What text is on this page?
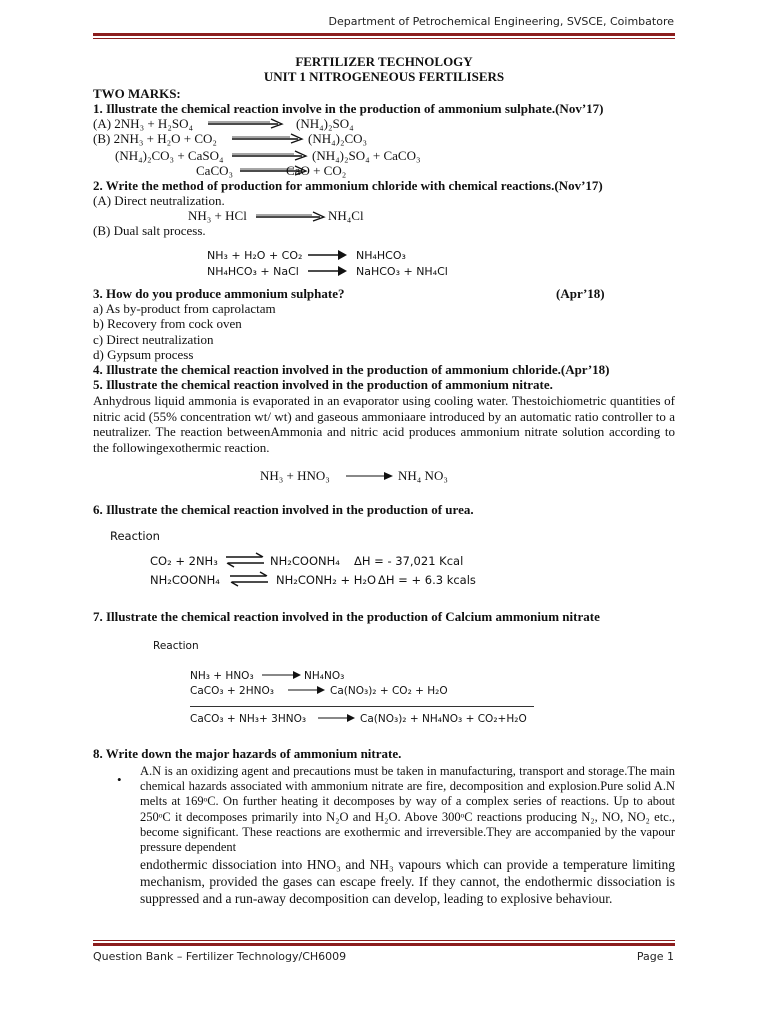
Department of Petrochemical Engineering, SVSCE, Coimbatore
FERTILIZER TECHNOLOGY
UNIT 1 NITROGENEOUS FERTILISERS
TWO MARKS:
1. Illustrate the chemical reaction involve in the production of ammonium sulphate.(Nov’17)
(A) 2NH₃ + H₂SO₄	(NH₄)₂SO₄
(B) 2NH₃ + H₂O + CO₂	(NH₄)₂CO₃
(NH₄)₂CO₃ + CaSO₄	(NH₄)₂SO₄ + CaCO₃
CaCO₃	CaO + CO₂
2. Write the method of production for ammonium chloride with chemical reactions.(Nov’17)
(A) Direct neutralization.
NH₃ + HCl	NH₄Cl
(B) Dual salt process.
NH₃ + H₂O + CO₂	NH₄HCO₃
NH₄HCO₃ + NaCl	NaHCO₃ + NH₄Cl
3. How do you produce ammonium sulphate?	(Apr’18)
a) As by-product from caprolactam
b) Recovery from cock oven
c) Direct neutralization
d) Gypsum process
4. Illustrate the chemical reaction involved in the production of ammonium chloride.(Apr’18)
5. Illustrate the chemical reaction involved in the production of ammonium nitrate.
Anhydrous liquid ammonia is evaporated in an evaporator using cooling water. Thestoichiometric quantities of nitric acid (55% concentration wt/ wt) and gaseous ammoniaare introduced by an automatic ratio controller to a neutralizer. The reaction betweenAmmonia and nitric acid produces ammonium nitrate solution according to the followingexothermic reaction.
NH₃ + HNO₃	NH₄ NO₃
6. Illustrate the chemical reaction involved in the production of urea.
Reaction
CO₂ + 2NH₃ ⇌ NH₂COONH₄ ΔH = - 37,021 Kcal
NH₂COONH₄ ⇌ NH₂CONH₂ + H₂O ΔH = + 6.3 kcals
7. Illustrate the chemical reaction involved in the production of Calcium ammonium nitrate
Reaction
NH₃ + HNO₃	NH₄NO₃
CaCO₃ + 2HNO₃	Ca(NO₃)₂ + CO₂ + H₂O
CaCO₃ + NH₃+ 3HNO₃	Ca(NO₃)₂ + NH₄NO₃ + CO₂+H₂O
8. Write down the major hazards of ammonium nitrate.
•
A.N is an oxidizing agent and precautions must be taken in manufacturing, transport and storage.The main chemical hazards associated with ammonium nitrate are fire, decomposition and explosion.Pure solid A.N melts at 169ᵒC. On further heating it decomposes by way of a complex series of reactions. Up to about 250ᵒC it decomposes primarily into N₂O and H₂O. Above 300ᵒC reactions producing N₂, NO, NO₂ etc., become significant. These reactions are exothermic and irreversible.They are accompanied by the vapour pressure dependent
endothermic dissociation into HNO₃ and NH₃ vapours which can provide a temperature limiting mechanism, provided the gases can escape freely. If they cannot, the endothermic dissociation is suppressed and a run-away decomposition can develop, leading to explosive behaviour.
Question Bank – Fertilizer Technology/CH6009	Page 1
